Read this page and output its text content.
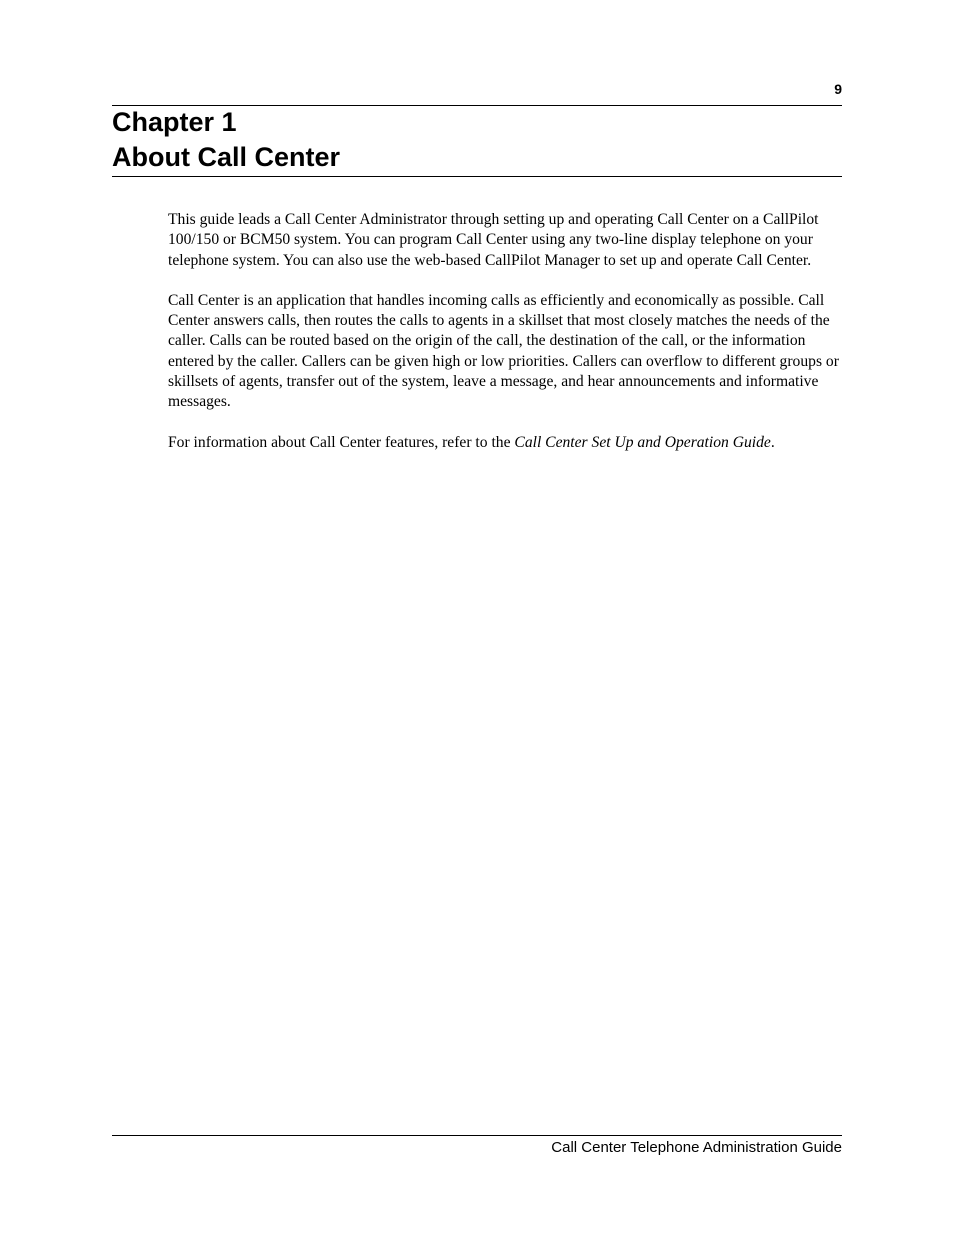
9
Chapter 1
About Call Center

This guide leads a Call Center Administrator through setting up and operating Call Center on a CallPilot 100/150 or BCM50 system. You can program Call Center using any two-line display telephone on your telephone system. You can also use the web-based CallPilot Manager to set up and operate Call Center.

Call Center is an application that handles incoming calls as efficiently and economically as possible. Call Center answers calls, then routes the calls to agents in a skillset that most closely matches the needs of the caller. Calls can be routed based on the origin of the call, the destination of the call, or the information entered by the caller. Callers can be given high or low priorities. Callers can overflow to different groups or skillsets of agents, transfer out of the system, leave a message, and hear announcements and informative messages.

For information about Call Center features, refer to the Call Center Set Up and Operation Guide.

Call Center Telephone Administration Guide
